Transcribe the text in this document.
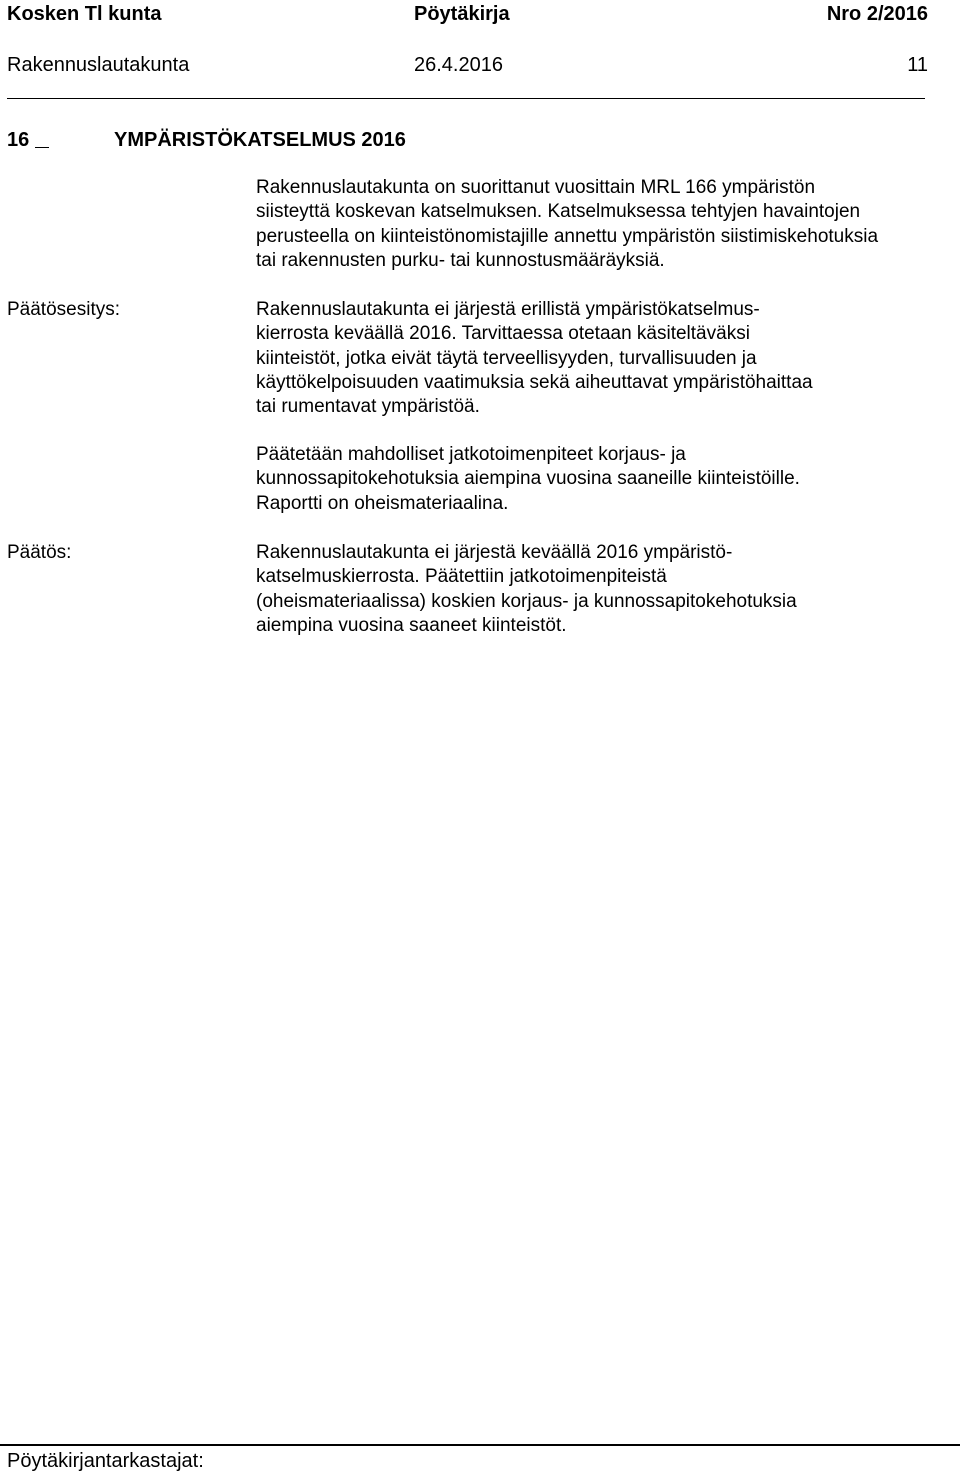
Kosken Tl kunta	Pöytäkirja	Nro 2/2016
Rakennuslautakunta	26.4.2016	11
16	YMPÄRISTÖKATSELMUS 2016

Rakennuslautakunta on suorittanut vuosittain MRL 166 ympäristön

siisteyttä koskevan katselmuksen. Katselmuksessa tehtyjen havaintojen

perusteella on kiinteistönomistajille annettu ympäristön siistimiskehotuksia

tai rakennusten purku- tai kunnostusmääräyksiä.

Päätösesitys:	Rakennuslautakunta ei järjestä erillistä ympäristökatselmus-

kierrosta keväällä 2016. Tarvittaessa otetaan käsiteltäväksi

kiinteistöt, jotka eivät täytä terveellisyyden, turvallisuuden ja

käyttökelpoisuuden vaatimuksia sekä aiheuttavat ympäristöhaittaa

tai rumentavat ympäristöä.

Päätetään mahdolliset jatkotoimenpiteet korjaus- ja

kunnossapitokehotuksia aiempina vuosina saaneille kiinteistöille.

Raportti on oheismateriaalina.

Päätös:	Rakennuslautakunta ei järjestä keväällä 2016 ympäristö-

katselmuskierrosta. Päätettiin jatkotoimenpiteistä

(oheismateriaalissa) koskien korjaus- ja kunnossapitokehotuksia

aiempina vuosina saaneet kiinteistöt.

Pöytäkirjantarkastajat:
